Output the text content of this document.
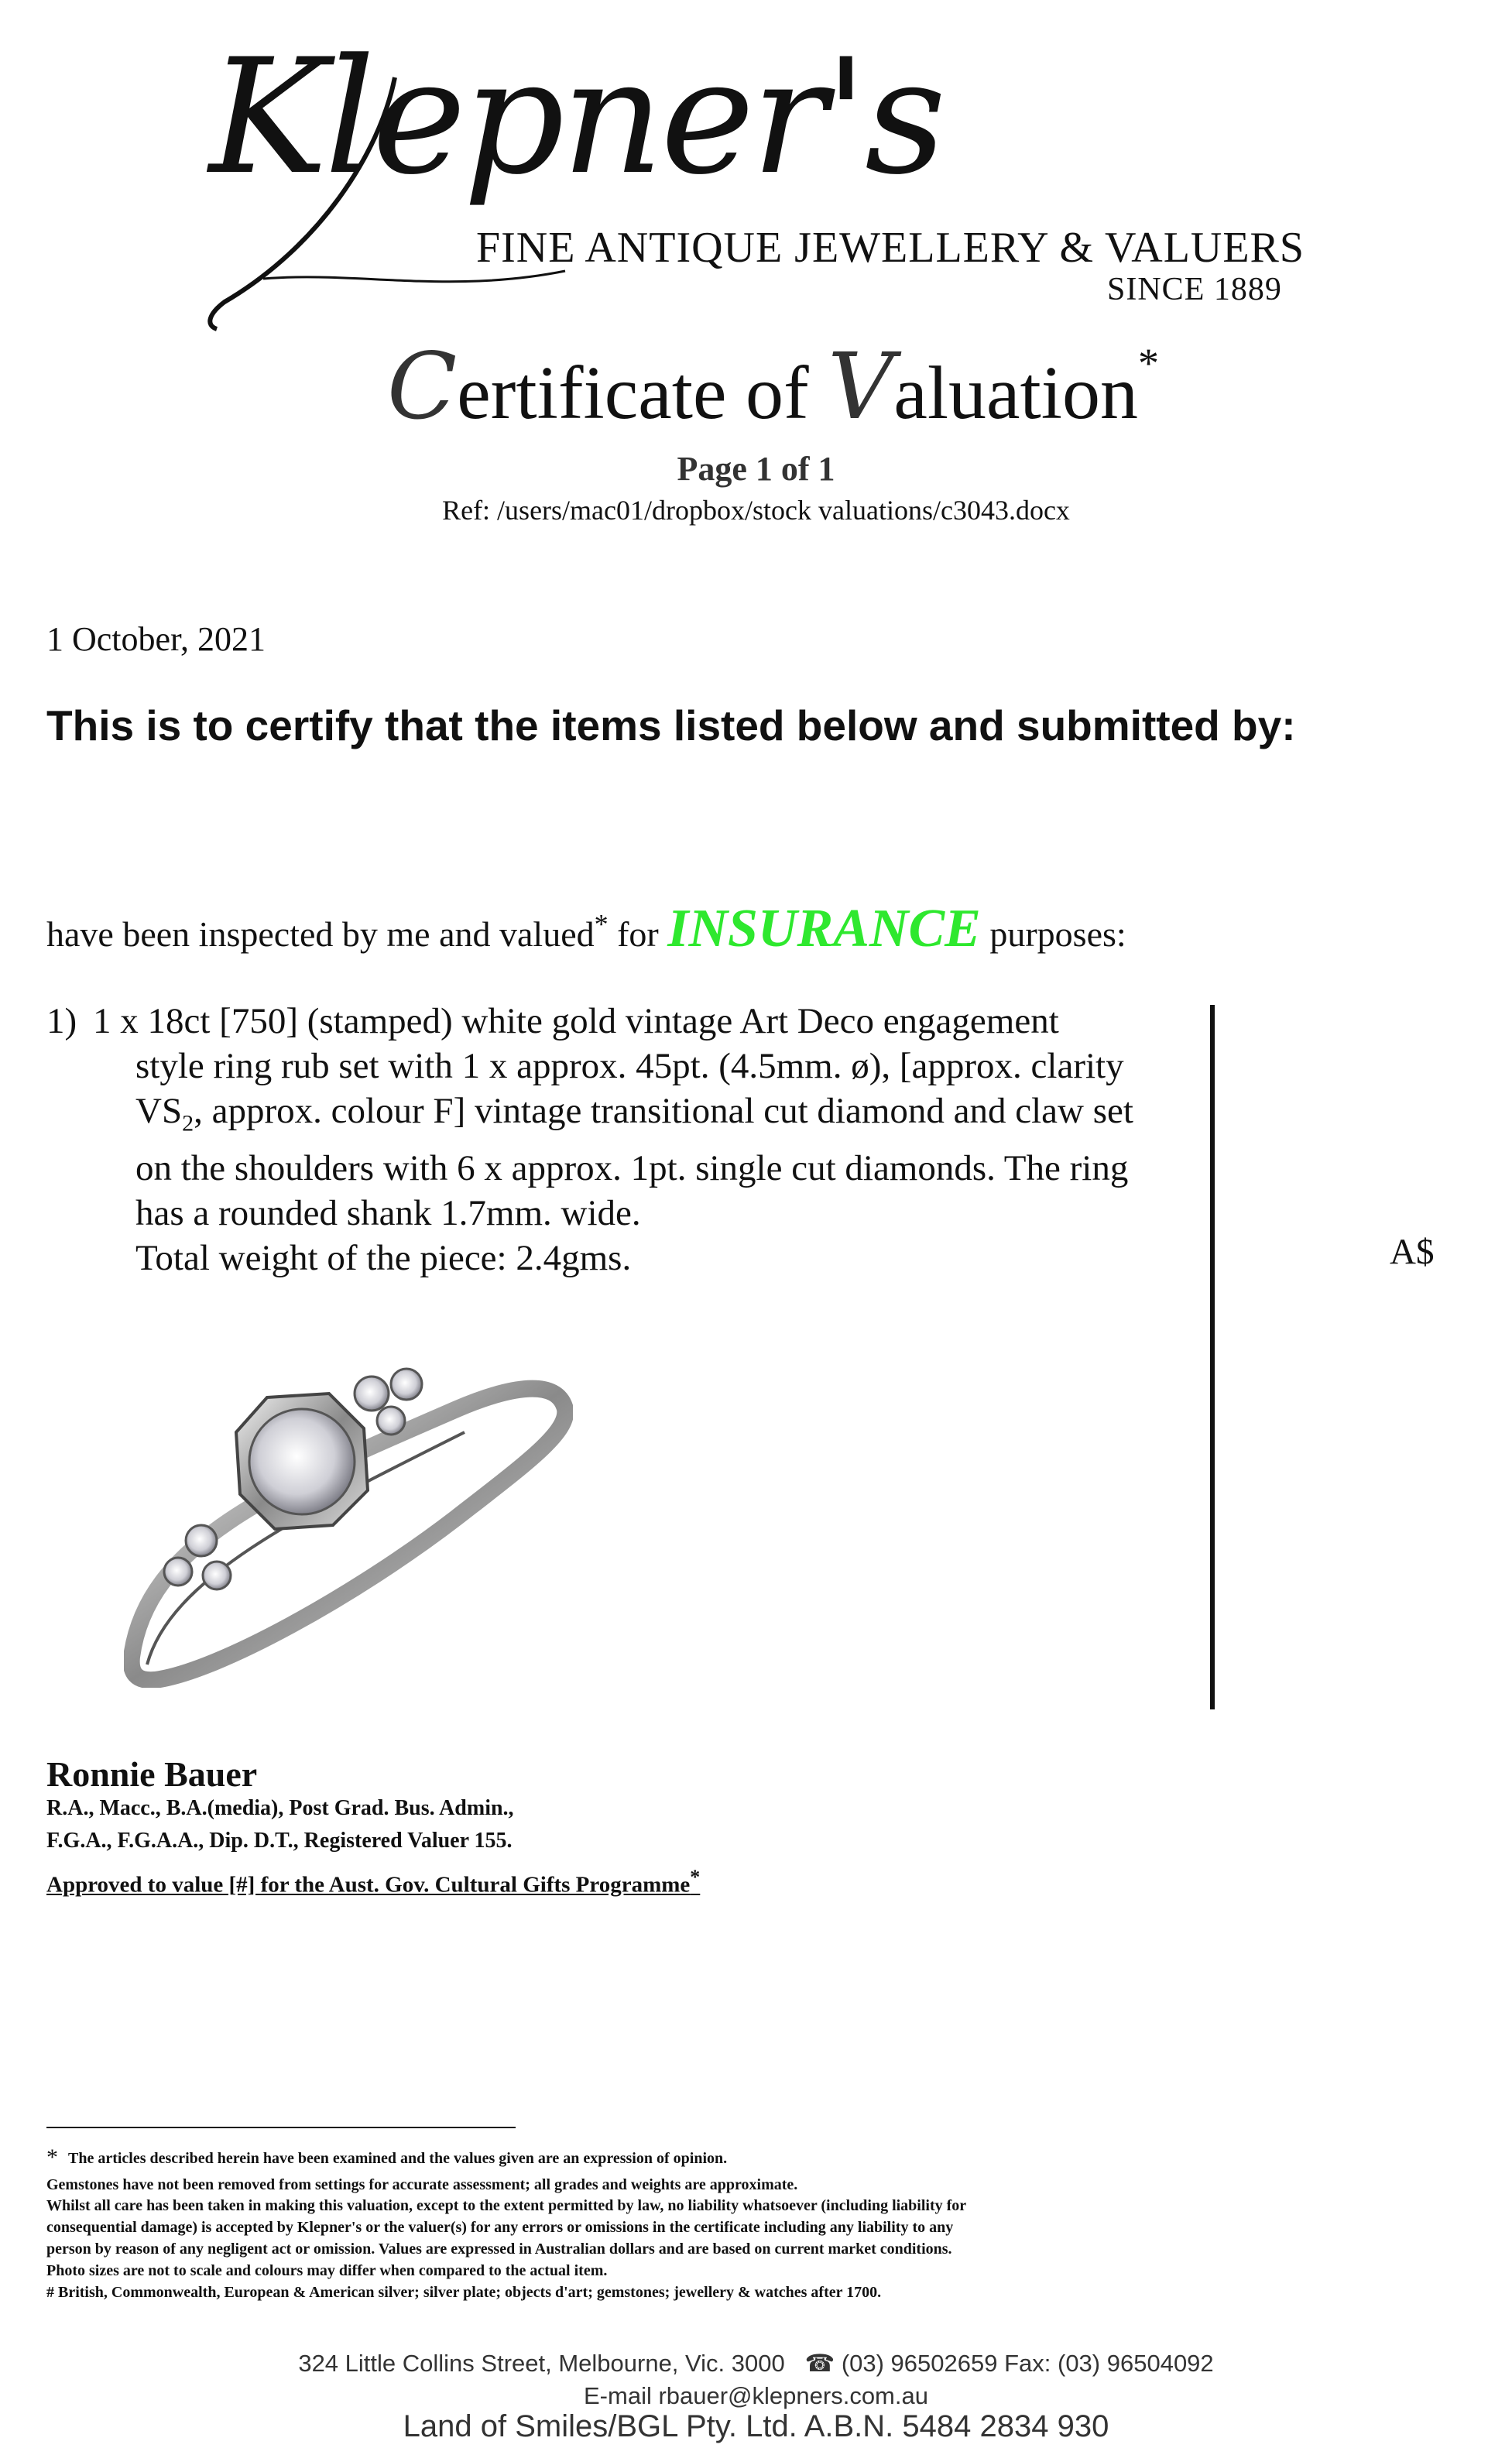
Klepner's
FINE ANTIQUE JEWELLERY & VALUERS
SINCE 1889
Certificate of Valuation*
Page 1 of 1
Ref: /users/mac01/dropbox/stock valuations/c3043.docx
1 October, 2021
This is to certify that the items listed below and submitted by:
have been inspected by me and valued* for INSURANCE purposes:
1) 1 x 18ct [750] (stamped) white gold vintage Art Deco engagement
style ring rub set with 1 x approx. 45pt. (4.5mm. ø), [approx. clarity
$VS_2$, approx. colour F] vintage transitional cut diamond and claw set
on the shoulders with 6 x approx. 1pt. single cut diamonds. The ring
has a rounded shank 1.7mm. wide.
Total weight of the piece: 2.4gms.	A$
Ronnie Bauer
R.A., Macc., B.A.(media), Post Grad. Bus. Admin.,
F.G.A., F.G.A.A., Dip. D.T., Registered Valuer 155.
Approved to value [#] for the Aust. Gov. Cultural Gifts Programme*
* The articles described herein have been examined and the values given are an expression of opinion.
Gemstones have not been removed from settings for accurate assessment; all grades and weights are approximate.
Whilst all care has been taken in making this valuation, except to the extent permitted by law, no liability whatsoever (including liability for
consequential damage) is accepted by Klepner's or the valuer(s) for any errors or omissions in the certificate including any liability to any
person by reason of any negligent act or omission. Values are expressed in Australian dollars and are based on current market conditions.
Photo sizes are not to scale and colours may differ when compared to the actual item.
# British, Commonwealth, European & American silver; silver plate; objects d'art; gemstones; jewellery & watches after 1700.
324 Little Collins Street, Melbourne, Vic. 3000 ☎ (03) 96502659 Fax: (03) 96504092
E-mail rbauer@klepners.com.au
Land of Smiles/BGL Pty. Ltd. A.B.N. 5484 2834 930
